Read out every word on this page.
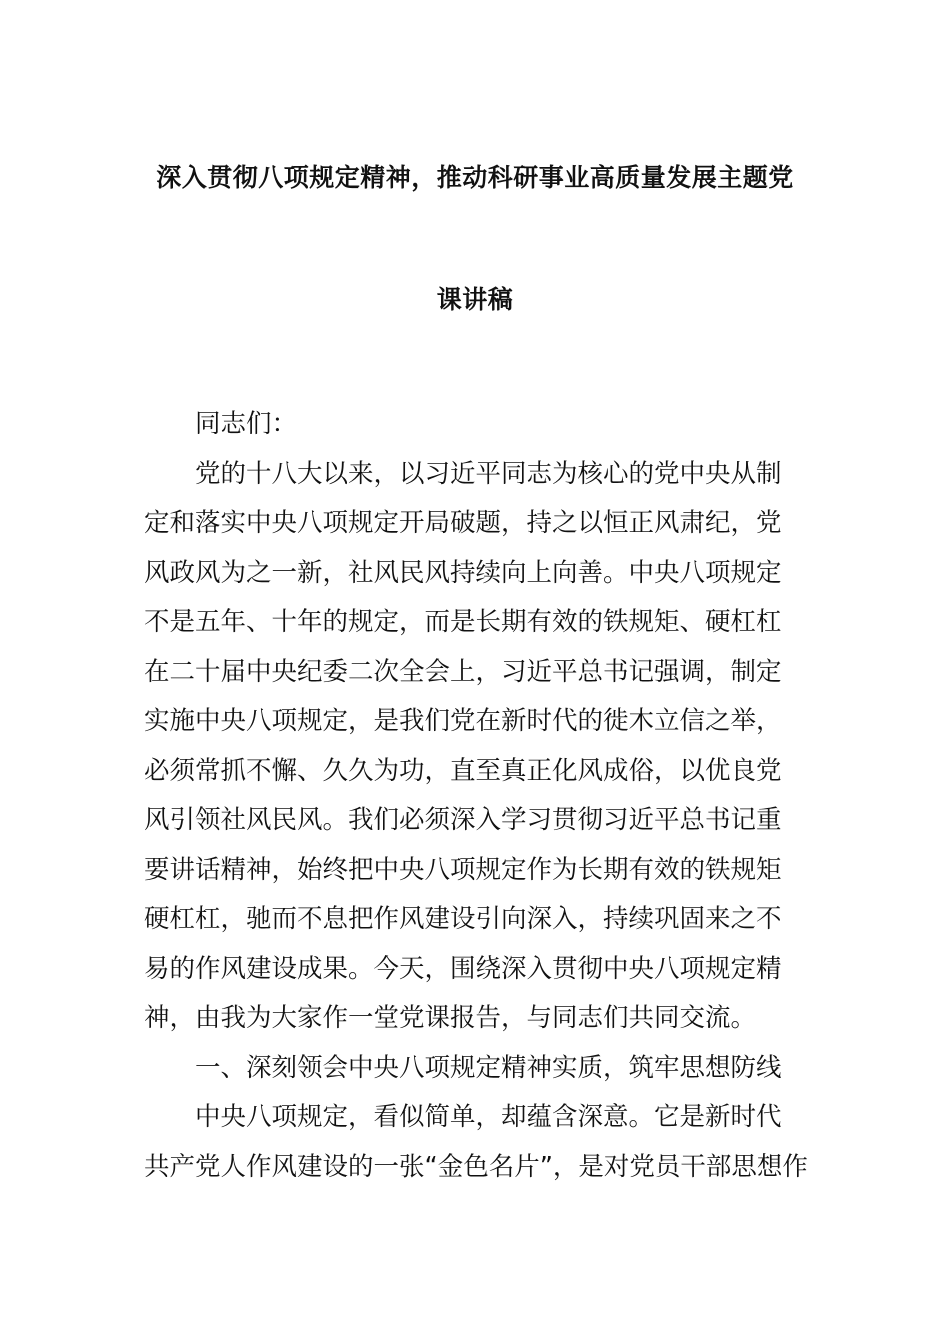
深入贯彻八项规定精神，推动科研事业高质量发展主题党
课讲稿
同志们：
党的十八大以来，以习近平同志为核心的党中央从制
定和落实中央八项规定开局破题，持之以恒正风肃纪，党
风政风为之一新，社风民风持续向上向善。中央八项规定
不是五年、十年的规定，而是长期有效的铁规矩、硬杠杠
在二十届中央纪委二次全会上，习近平总书记强调，制定
实施中央八项规定，是我们党在新时代的徙木立信之举，
必须常抓不懈、久久为功，直至真正化风成俗，以优良党
风引领社风民风。我们必须深入学习贯彻习近平总书记重
要讲话精神，始终把中央八项规定作为长期有效的铁规矩
硬杠杠，驰而不息把作风建设引向深入，持续巩固来之不
易的作风建设成果。今天，围绕深入贯彻中央八项规定精
神，由我为大家作一堂党课报告，与同志们共同交流。
一、深刻领会中央八项规定精神实质，筑牢思想防线
中央八项规定，看似简单，却蕴含深意。它是新时代
共产党人作风建设的一张“金色名片”，是对党员干部思想作
